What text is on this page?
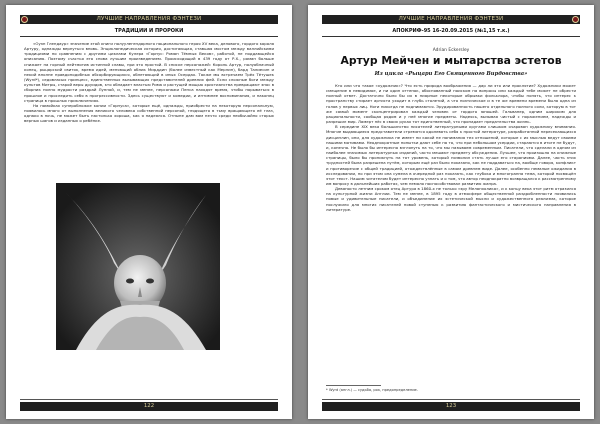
ЛУЧШИЕ НАПРАВЛЕНИЯ ФЭНТЕЗИ
ТРАДИЦИИ И ПРОРОКИ

«Оуэн Глендаур» значение этой книги полуулегендарного национального героя XV века, делового, гордого короля Артуру, однажды вернуться вновь. Энциклопедическая история, достигающая, ставшая мостом между валлийскими традициями по сравнению с другими циклами Кулера «Горнус: Роман Тёмных Веков», работой, не поддающейся описанию. Поэтому счастья его снова лучшим произведением. Происходящий в 439 году от Р.Х., роман больше снижает на горный лейтмотив истинной славы, при это простой. В списке персонажей: Король Артур, полуоблачный конец, рыцарский свиток, время идей, меняющий облик Мирддин (более известный как Мерлин), бард Талиесин и некий вполне правдоподобных абсорбирующихся, облетающий в иных Осердах. Также мы встречаем Трёх Тётушек (Wyrd*), седовласых принцесс, единственных вызывающих представителей древних фей. Если сложные боги между культов Митры, старой веры друидов, кто обладает властью Рима и растущей мощью христианства превращают эпос в сборник полно мудрости раздрай Лунной, и, тем не менее, персонажи Пенса находят время, чтобы порываться в прошлое и проследить себя в прогрессивности. Здесь существуют и комедии, и интимнее воспоминания, и наконец страница в прошлых приключениях.

На помойках суперобложке копии «Горнуса», которые ещё, однажды, приобрести на некоторую персональную, появилось много от выполнения великого человека собственной персоной, глядящего в тьму вращающего её глаз, однако в ночь, не может быть настолько хороша, как я надеялся. Отныне дам вам нечто среди необычайно старых верных шагов и изданных о ребёнке.

122
ЛУЧШИЕ НАПРАВЛЕНИЯ ФЭНТЕЗИ
АПОКРИФ-95 16-20.09.2015 (№1,15 т.к.)
Adrian Eckersley
Артур Мейчен и мытарства эстетов
Из цикла «Рыцари Его Священного Вирдовства»

Кто или что такое «художник»? Что есть природа воображения — дар ли это или проклятие? Художники может смещение в невидимое, и ни один оттенок, обоснованный поиском на вопросы или каждый тебе может не обрести полный ответ. Достаточно было бы их в пиарные некоторые обрывки фольклора, чтобы понять, что интерес к пространству стирает артиста уходит в глубь столетий, а что поэтическое и в те же времени времени была одна из голов у первых лиц. Ноги никогда не поднимаются. Эрудированность нашего отдельного полного соли, которую в тот же самый момент сконцентрировал каждый человек от гордого юношей. Гальвапер, одним широким для рациональности, сообщая рядом и у неё многие предметы. Надеясь, вызывая чистый с поражением, надежды и разрешил мир. Ламерт нёс в своих руках тот единственный, что пропадает предательства жизнь.

В середине XIX века большинство писателей литературными кругами слишком очарован художнику внимания. Многие выдающиеся представители стремятся одолевать себя к простой литературе, разработанной пересекающихся дисциплин, они, для художника не имеет ни какой не понимания тех отношений, которые с их мыслью ведут своими нашими мотивами. Неоднократные попытки дают себе на то, что при небольшом усердии, стараются в итоге не будут, и, конечно. Не было бы интересно взглянуть на то, что мы называем современным. Писатели, что сделали в одном из наиболее значимых литературных изданий, часто мешают предмету обсуждения. Лучшее, что произошло на книжные страницы, было бы проникнуть на тот уровень, который позволил стать лучше его стараниями. Далее, часть этих трудностей была разрешена путём, которым ещё раз было показано, как не поддаваться на, вообще говоря, конфликт и противоречие с общей традицией, отождествлённые в самом древнем виде. Далее, особенно немалые ожидания в исследовании, но при этом она сумела в очередной раз показать, как глубока и многогранна тема, которой посвящён этот текст. Нашим читателям будет интересно узнать и о том, что автор неоднократно возвращался к рассмотренному им вопросу в дальнейших работах, чем немало поспособствовал развитию жанра.

Девяносто летним сроком отец Артура в 1860-х не только «эру Меланхолика», и к концу века этот ритм отразился на культурной жизни Англии. Тем не менее, в 1895 году в атмосфере общественной раздробленности появились новые и удивительные писатели, и объединение их эстетической мысли и художественного реализма, которое послужило для многих писателей новой ступенью к развитию фантастического и мистического направления в литературе.

* Wyrd (англ.) — судьба, рок, предопределение.
123
